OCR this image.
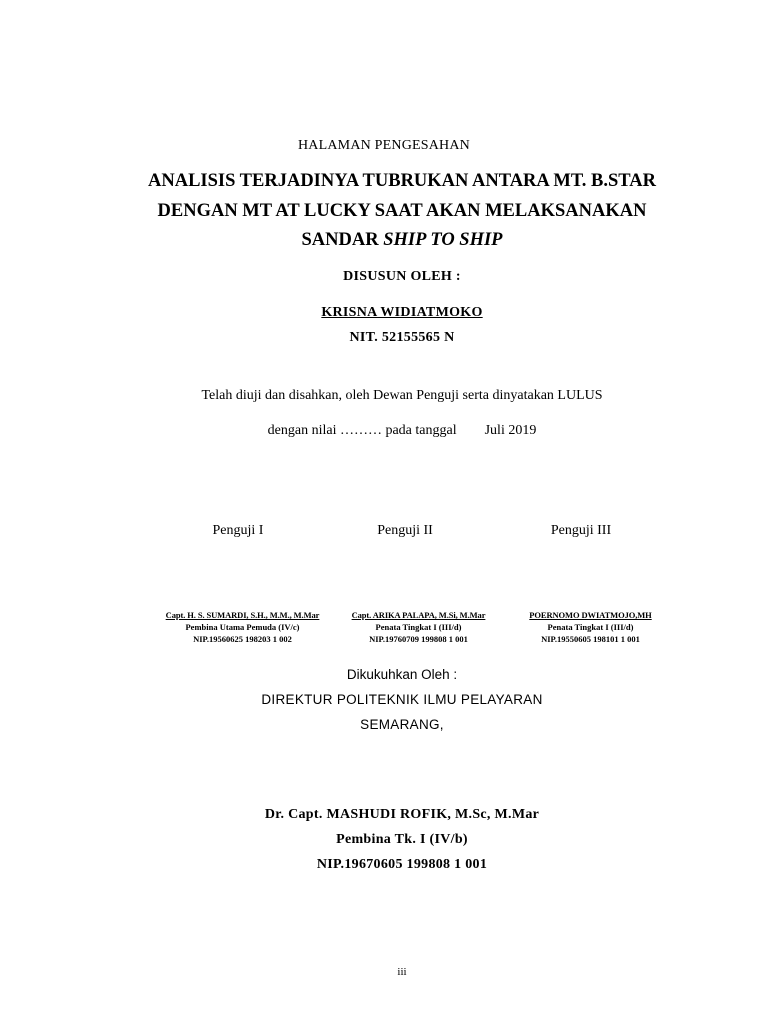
HALAMAN PENGESAHAN
ANALISIS TERJADINYA TUBRUKAN ANTARA MT. B.STAR
DENGAN MT AT LUCKY SAAT AKAN MELAKSANAKAN
SANDAR SHIP TO SHIP
DISUSUN OLEH :
KRISNA WIDIATMOKO
NIT. 52155565 N
Telah diuji dan disahkan, oleh Dewan Penguji serta dinyatakan LULUS
dengan nilai ……… pada tanggal Juli 2019
Penguji I	Penguji II	Penguji III
Capt. H. S. SUMARDI, S.H., M.M., M.Mar
Pembina Utama Pemuda (IV/c)
NIP.19560625 198203 1 002
Capt. ARIKA PALAPA, M.Si, M.Mar
Penata Tingkat I (III/d)
NIP.19760709 199808 1 001
POERNOMO DWIATMOJO,MH
Penata Tingkat I (III/d)
NIP.19550605 198101 1 001
Dikukuhkan Oleh :
DIREKTUR POLITEKNIK ILMU PELAYARAN
SEMARANG,
Dr. Capt. MASHUDI ROFIK, M.Sc, M.Mar
Pembina Tk. I (IV/b)
NIP.19670605 199808 1 001
iii
